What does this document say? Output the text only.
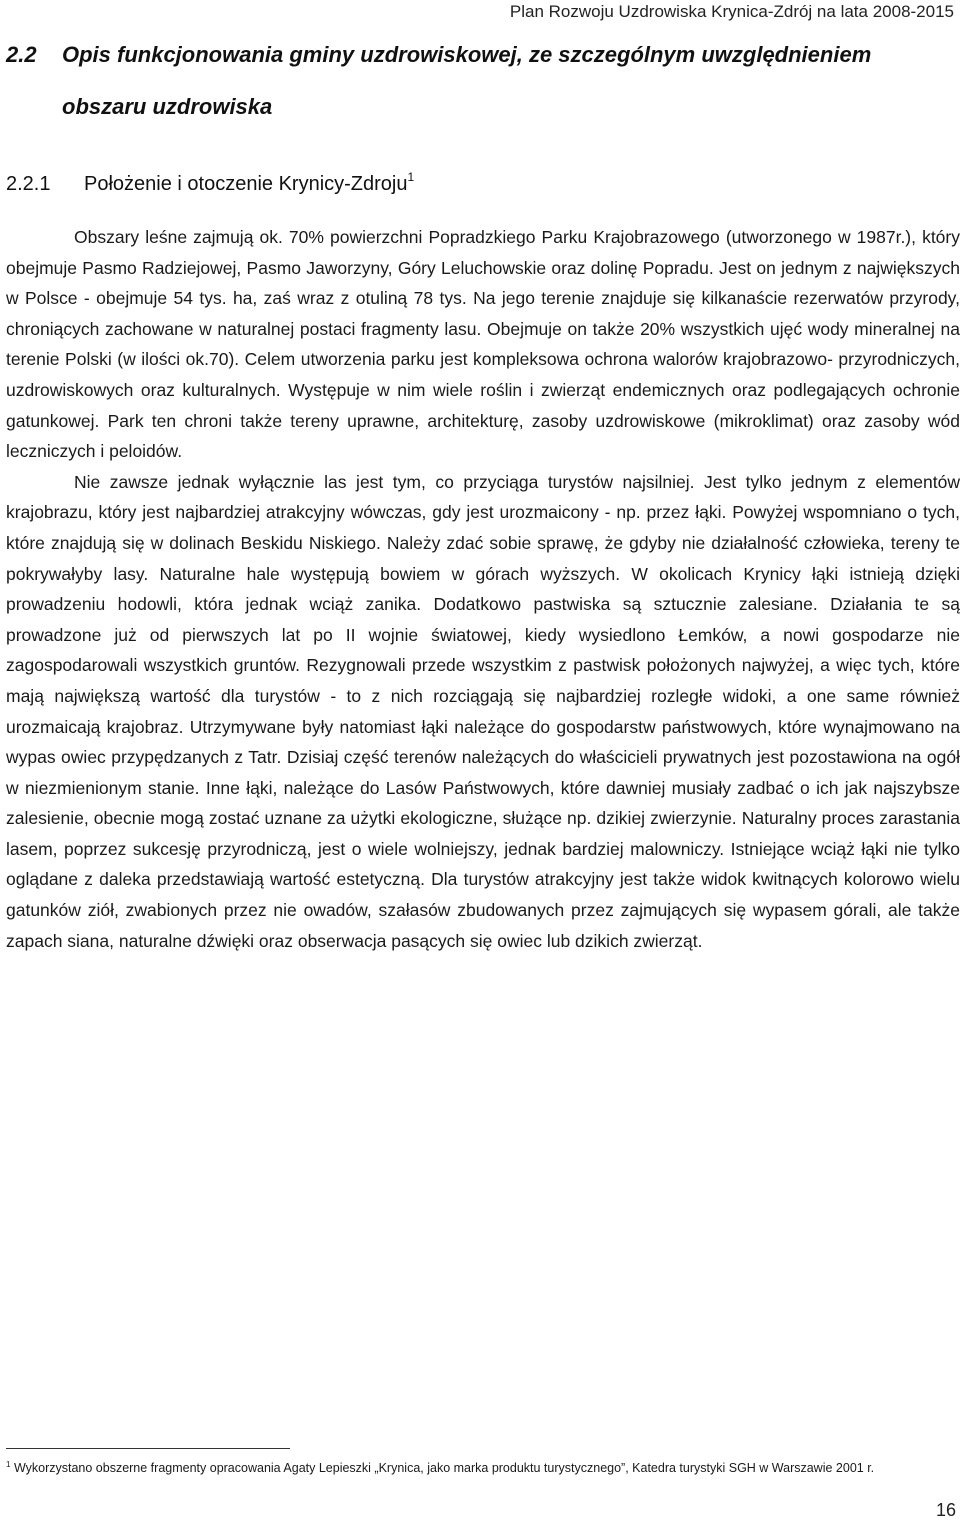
Plan Rozwoju Uzdrowiska Krynica-Zdrój na lata 2008-2015
2.2 Opis funkcjonowania gminy uzdrowiskowej, ze szczególnym uwzględnieniem
obszaru uzdrowiska
2.2.1 Położenie i otoczenie Krynicy-Zdroju$^1$

Obszary leśne zajmują ok. 70% powierzchni Popradzkiego Parku Krajobrazowego (utworzonego w 1987r.), który obejmuje Pasmo Radziejowej, Pasmo Jaworzyny, Góry Leluchowskie oraz dolinę Popradu. Jest on jednym z największych w Polsce - obejmuje 54 tys. ha, zaś wraz z otuliną 78 tys. Na jego terenie znajduje się kilkanaście rezerwatów przyrody, chroniących zachowane w naturalnej postaci fragmenty lasu. Obejmuje on także 20% wszystkich ujęć wody mineralnej na terenie Polski (w ilości ok.70). Celem utworzenia parku jest kompleksowa ochrona walorów krajobrazowo- przyrodniczych, uzdrowiskowych oraz kulturalnych. Występuje w nim wiele roślin i zwierząt endemicznych oraz podlegających ochronie gatunkowej. Park ten chroni także tereny uprawne, architekturę, zasoby uzdrowiskowe (mikroklimat) oraz zasoby wód leczniczych i peloidów.

Nie zawsze jednak wyłącznie las jest tym, co przyciąga turystów najsilniej. Jest tylko jednym z elementów krajobrazu, który jest najbardziej atrakcyjny wówczas, gdy jest urozmaicony - np. przez łąki. Powyżej wspomniano o tych, które znajdują się w dolinach Beskidu Niskiego. Należy zdać sobie sprawę, że gdyby nie działalność człowieka, tereny te pokrywałyby lasy. Naturalne hale występują bowiem w górach wyższych. W okolicach Krynicy łąki istnieją dzięki prowadzeniu hodowli, która jednak wciąż zanika. Dodatkowo pastwiska są sztucznie zalesiane. Działania te są prowadzone już od pierwszych lat po II wojnie światowej, kiedy wysiedlono Łemków, a nowi gospodarze nie zagospodarowali wszystkich gruntów. Rezygnowali przede wszystkim z pastwisk położonych najwyżej, a więc tych, które mają największą wartość dla turystów - to z nich rozciągają się najbardziej rozległe widoki, a one same również urozmaicają krajobraz. Utrzymywane były natomiast łąki należące do gospodarstw państwowych, które wynajmowano na wypas owiec przypędzanych z Tatr. Dzisiaj część terenów należących do właścicieli prywatnych jest pozostawiona na ogół w niezmienionym stanie. Inne łąki, należące do Lasów Państwowych, które dawniej musiały zadbać o ich jak najszybsze zalesienie, obecnie mogą zostać uznane za użytki ekologiczne, służące np. dzikiej zwierzynie. Naturalny proces zarastania lasem, poprzez sukcesję przyrodniczą, jest o wiele wolniejszy, jednak bardziej malowniczy. Istniejące wciąż łąki nie tylko oglądane z daleka przedstawiają wartość estetyczną. Dla turystów atrakcyjny jest także widok kwitnących kolorowo wielu gatunków ziół, zwabionych przez nie owadów, szałasów zbudowanych przez zajmujących się wypasem górali, ale także zapach siana, naturalne dźwięki oraz obserwacja pasących się owiec lub dzikich zwierząt.

$^1$ Wykorzystano obszerne fragmenty opracowania Agaty Lepieszki „Krynica, jako marka produktu turystycznego”, Katedra turystyki SGH w Warszawie 2001 r.
16
